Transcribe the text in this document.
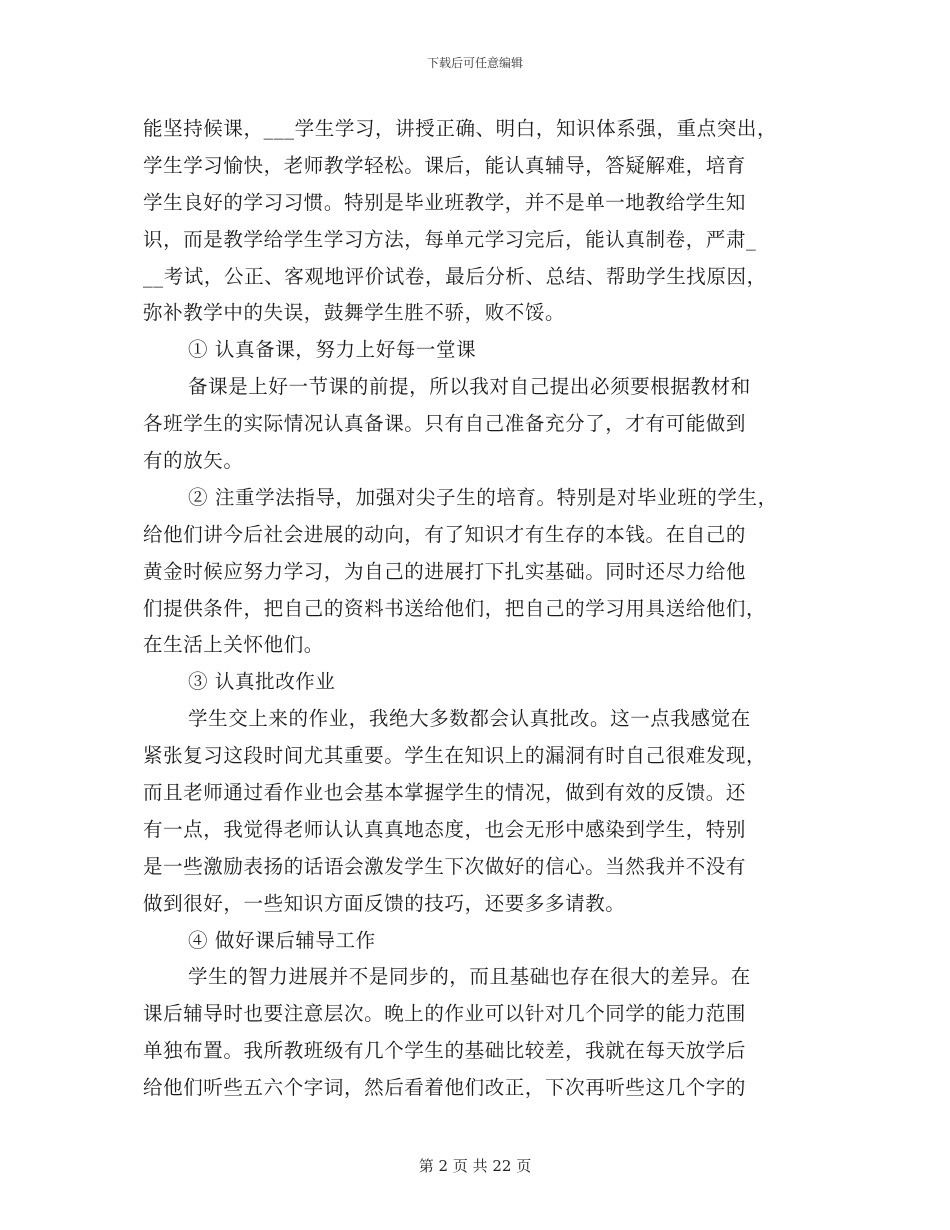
下载后可任意编辑
能坚持候课，___学生学习，讲授正确、明白，知识体系强，重点突出，
学生学习愉快，老师教学轻松。课后，能认真辅导，答疑解难，培育
学生良好的学习习惯。特别是毕业班教学，并不是单一地教给学生知
识，而是教学给学生学习方法，每单元学习完后，能认真制卷，严肃_
__考试，公正、客观地评价试卷，最后分析、总结、帮助学生找原因，
弥补教学中的失误，鼓舞学生胜不骄，败不馁。
① 认真备课，努力上好每一堂课
备课是上好一节课的前提，所以我对自己提出必须要根据教材和
各班学生的实际情况认真备课。只有自己准备充分了，才有可能做到
有的放矢。
② 注重学法指导，加强对尖子生的培育。特别是对毕业班的学生，
给他们讲今后社会进展的动向，有了知识才有生存的本钱。在自己的
黄金时候应努力学习，为自己的进展打下扎实基础。同时还尽力给他
们提供条件，把自己的资料书送给他们，把自己的学习用具送给他们，
在生活上关怀他们。
③ 认真批改作业
学生交上来的作业，我绝大多数都会认真批改。这一点我感觉在
紧张复习这段时间尤其重要。学生在知识上的漏洞有时自己很难发现，
而且老师通过看作业也会基本掌握学生的情况，做到有效的反馈。还
有一点，我觉得老师认认真真地态度，也会无形中感染到学生，特别
是一些激励表扬的话语会激发学生下次做好的信心。当然我并不没有
做到很好，一些知识方面反馈的技巧，还要多多请教。
④ 做好课后辅导工作
学生的智力进展并不是同步的，而且基础也存在很大的差异。在
课后辅导时也要注意层次。晚上的作业可以针对几个同学的能力范围
单独布置。我所教班级有几个学生的基础比较差，我就在每天放学后
给他们听些五六个字词，然后看着他们改正，下次再听些这几个字的
第 2 页 共 22 页
